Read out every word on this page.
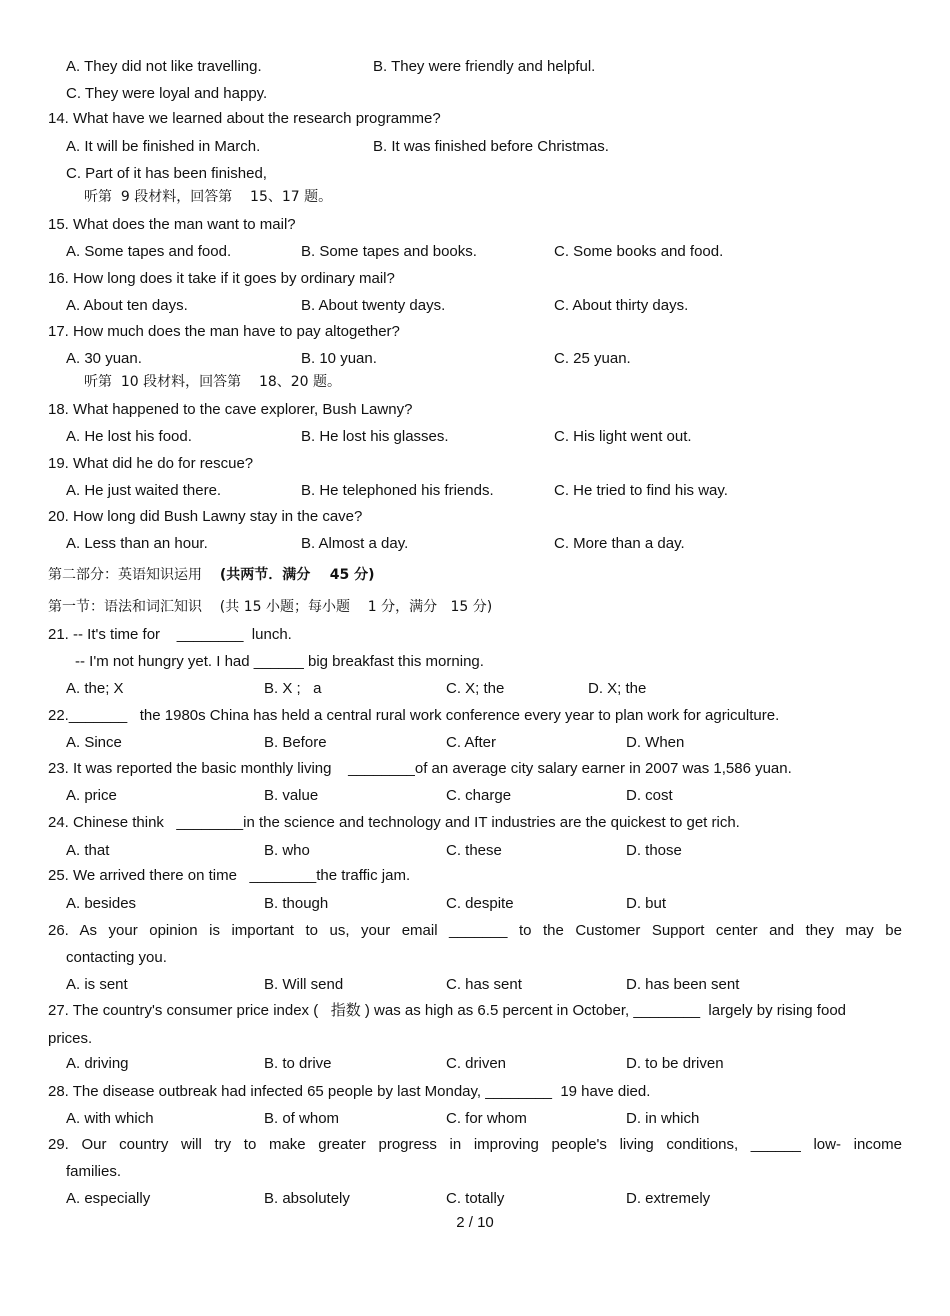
A. They did not like travelling.	B. They were friendly and helpful.
C. They were loyal and happy.
14. What have we learned about the research programme?
A. It will be finished in March.	B. It was finished before Christmas.
C. Part of it has been finished,
听第  9 段材料，回答第    15、17 题。
15. What does the man want to mail?
A. Some tapes and food.	B. Some tapes and books.	C. Some books and food.
16. How long does it take if it goes by ordinary mail?
A. About ten days.	B. About twenty days.	C. About thirty days.
17. How much does the man have to pay altogether?
A. 30 yuan.	B. 10 yuan.	C. 25 yuan.
听第  10 段材料，回答第    18、20 题。
18. What happened to the cave explorer, Bush Lawny?
A. He lost his food.	B. He lost his glasses.	C. His light went out.
19. What did he do for rescue?
A. He just waited there.	B. He telephoned his friends.	C. He tried to find his way.
20. How long did Bush Lawny stay in the cave?
A. Less than an hour.	B. Almost a day.	C. More than a day.
第二部分：英语知识运用    (共两节．满分    45 分)
第一节：语法和词汇知识    (共 15 小题；每小题    1 分，满分   15 分)
21. -- It's time for    ________  lunch.
-- I'm not hungry yet. I had ______ big breakfast this morning.
A. the; X	B. X ;   a	C. X; the	D. X; the
22._______   the 1980s China has held a central rural work conference every year to plan work for agriculture.
A. Since	B. Before	C. After	D. When
23. It was reported the basic monthly living    ________of an average city salary earner in 2007 was 1,586 yuan.
A. price	B. value	C. charge	D. cost
24. Chinese think   ________in the science and technology and IT industries are the quickest to get rich.
A. that	B. who	C. these	D. those
25. We arrived there on time   ________the traffic jam.
A. besides	B. though	C. despite	D. but
26. As your opinion is important to us, your email _______ to the Customer Support center and they may be
contacting you.
A. is sent	B. Will send	C. has sent	D. has been sent
27. The country's consumer price index (   指数 ) was as high as 6.5 percent in October, ________  largely by rising food
prices.
A. driving	B. to drive	C. driven	D. to be driven
28. The disease outbreak had infected 65 people by last Monday, ________  19 have died.
A. with which	B. of whom	C. for whom	D. in which
29. Our country will try to make greater progress in improving people's living conditions, ______ low- income
families.
A. especially	B. absolutely	C. totally	D. extremely
2 / 10
